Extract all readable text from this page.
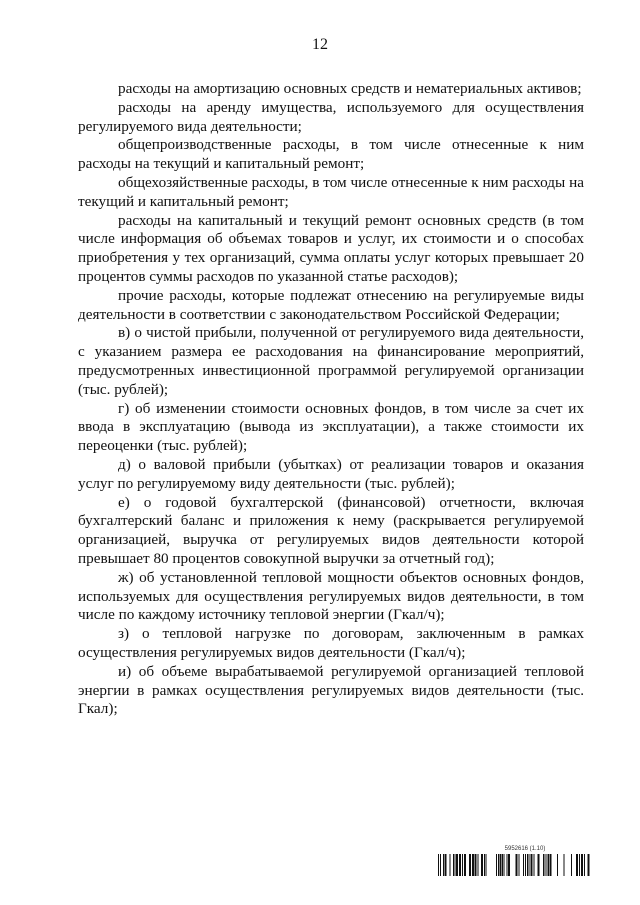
12

расходы на амортизацию основных средств и нематериальных активов;

расходы на аренду имущества, используемого для осуществления регулируемого вида деятельности;

общепроизводственные расходы, в том числе отнесенные к ним расходы на текущий и капитальный ремонт;

общехозяйственные расходы, в том числе отнесенные к ним расходы на текущий и капитальный ремонт;

расходы на капитальный и текущий ремонт основных средств (в том числе информация об объемах товаров и услуг, их стоимости и о способах приобретения у тех организаций, сумма оплаты услуг которых превышает 20 процентов суммы расходов по указанной статье расходов);

прочие расходы, которые подлежат отнесению на регулируемые виды деятельности в соответствии с законодательством Российской Федерации;

в) о чистой прибыли, полученной от регулируемого вида деятельности, с указанием размера ее расходования на финансирование мероприятий, предусмотренных инвестиционной программой регулируемой организации (тыс. рублей);

г) об изменении стоимости основных фондов, в том числе за счет их ввода в эксплуатацию (вывода из эксплуатации), а также стоимости их переоценки (тыс. рублей);

д) о валовой прибыли (убытках) от реализации товаров и оказания услуг по регулируемому виду деятельности (тыс. рублей);

е) о годовой бухгалтерской (финансовой) отчетности, включая бухгалтерский баланс и приложения к нему (раскрывается регулируемой организацией, выручка от регулируемых видов деятельности которой превышает 80 процентов совокупной выручки за отчетный год);

ж) об установленной тепловой мощности объектов основных фондов, используемых для осуществления регулируемых видов деятельности, в том числе по каждому источнику тепловой энергии (Гкал/ч);

з) о тепловой нагрузке по договорам, заключенным в рамках осуществления регулируемых видов деятельности (Гкал/ч);

и) об объеме вырабатываемой регулируемой организацией тепловой энергии в рамках осуществления регулируемых видов деятельности (тыс. Гкал);

5952616 (1.10)
